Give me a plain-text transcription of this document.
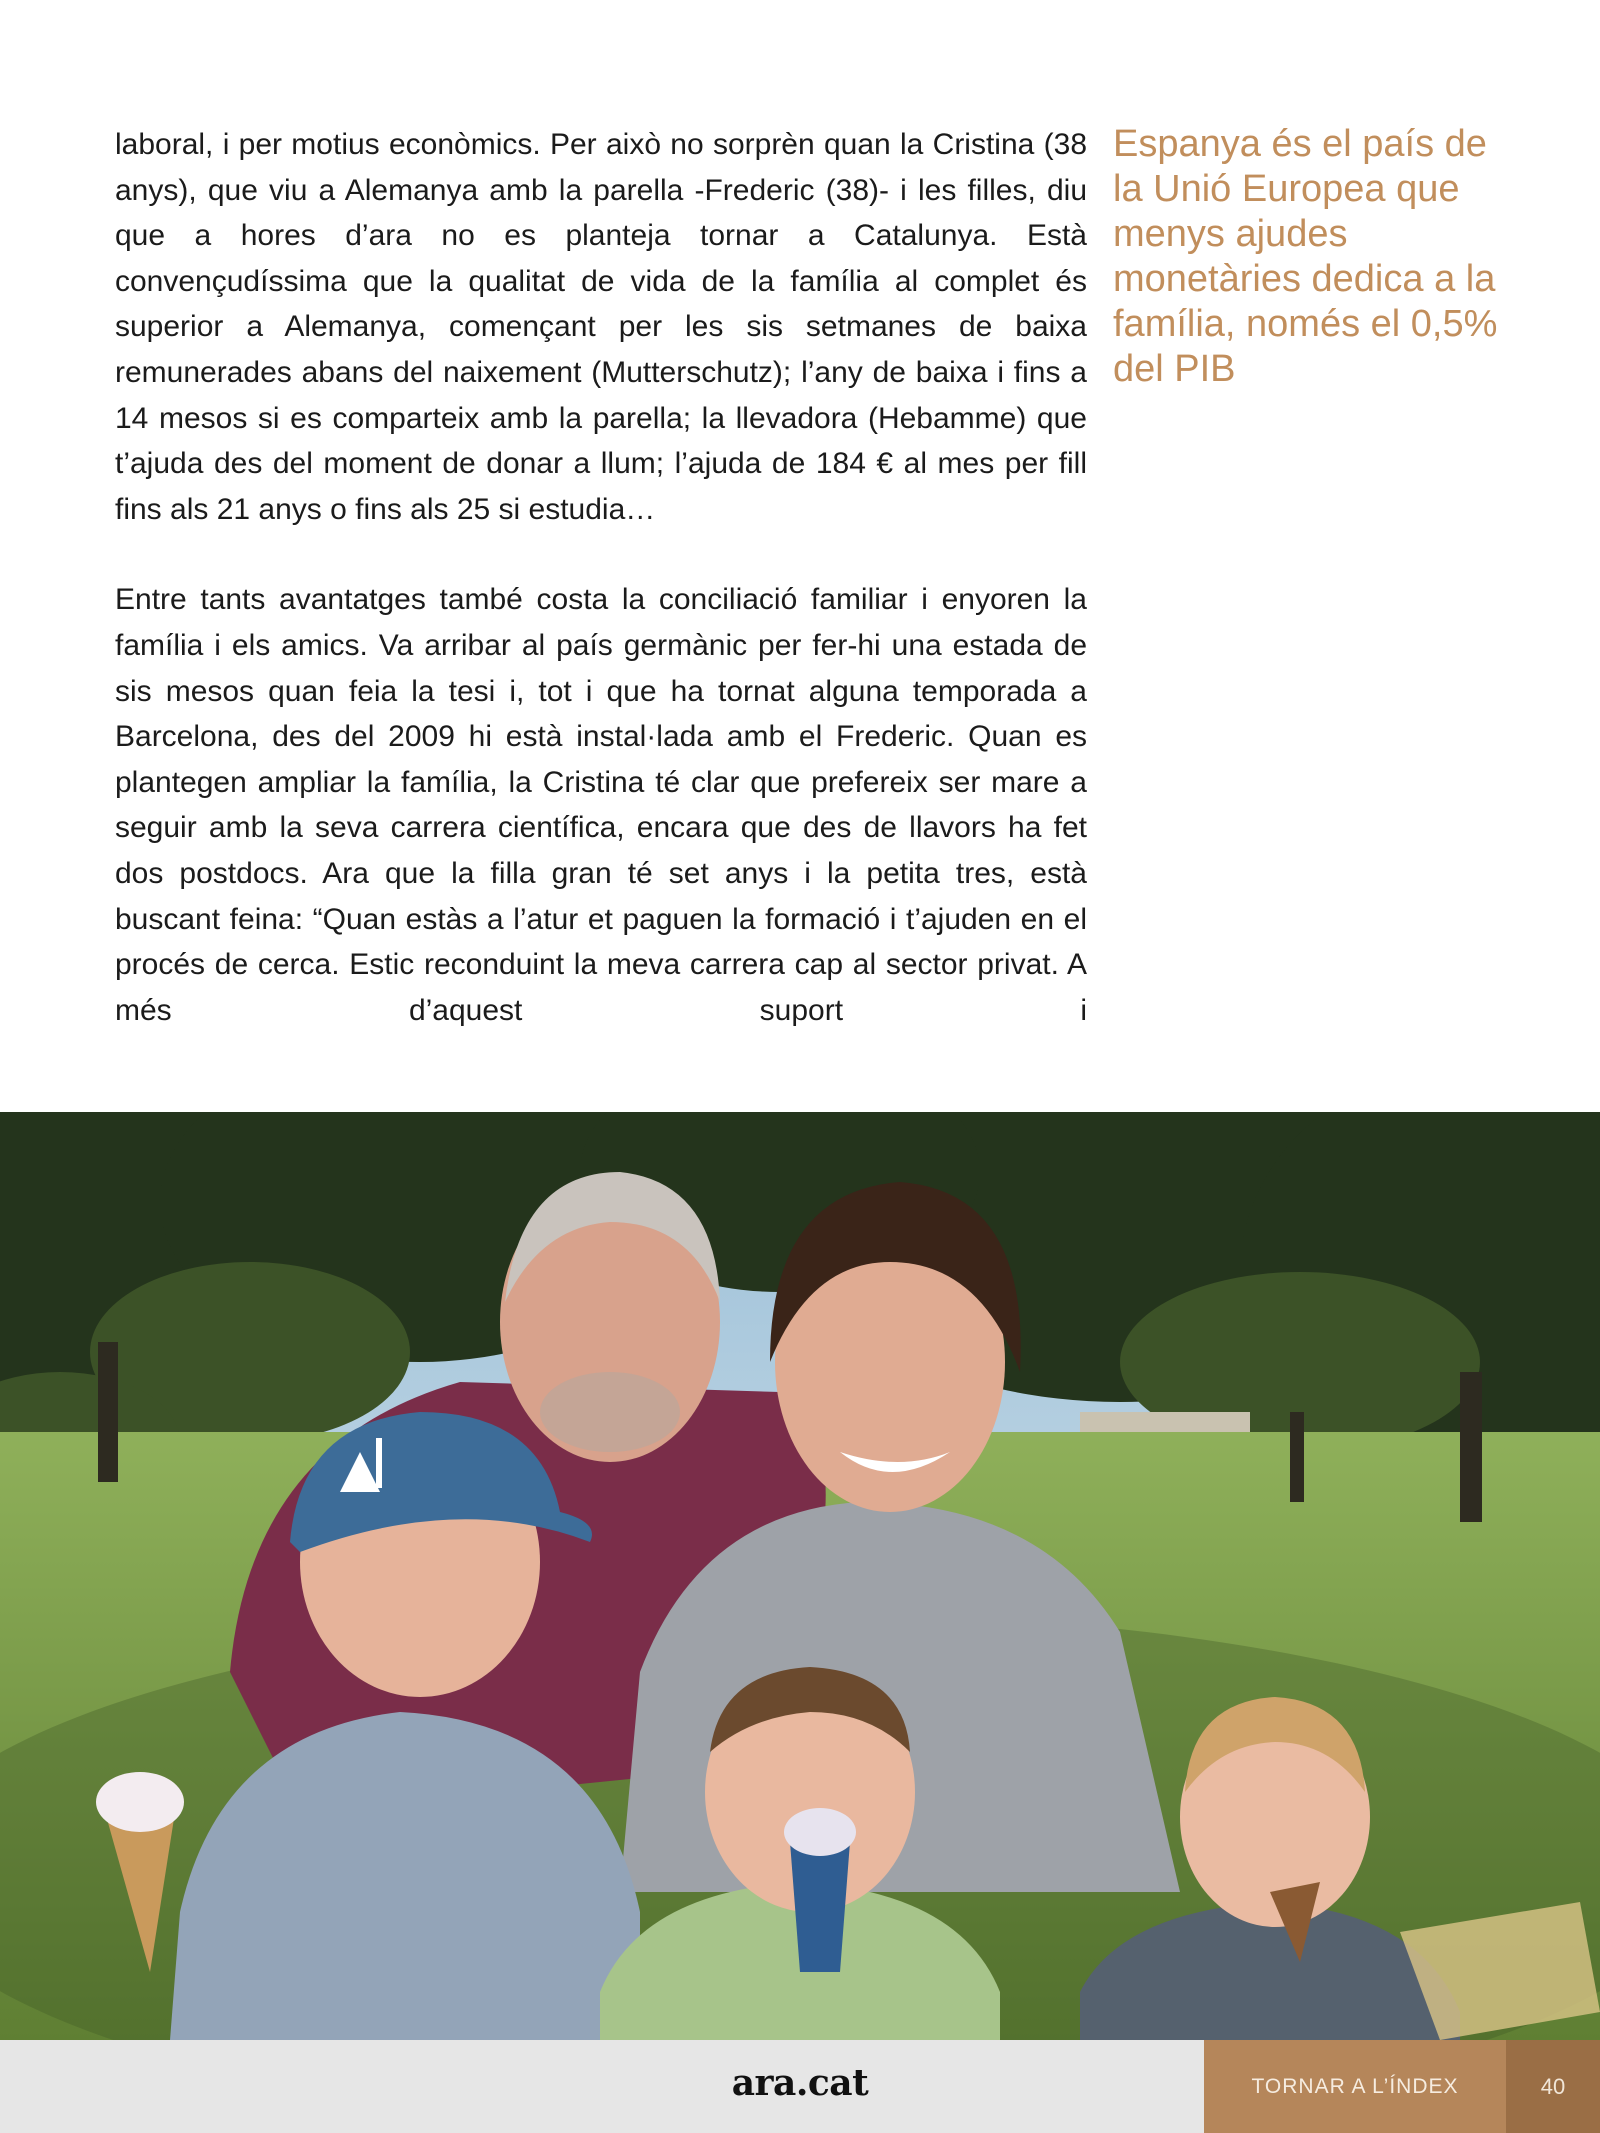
laboral, i per motius econòmics. Per això no sorprèn quan la Cristina (38 anys), que viu a Alemanya amb la parella -Frederic (38)- i les filles, diu que a hores d’ara no es planteja tornar a Catalunya. Està convençudíssima que la qualitat de vida de la família al complet és superior a Alemanya, començant per les sis setmanes de baixa remunerades abans del naixement (Mutterschutz); l’any de baixa i fins a 14 mesos si es comparteix amb la parella; la llevadora (Hebamme) que t’ajuda des del moment de donar a llum; l’ajuda de 184 € al mes per fill fins als 21 anys o fins als 25 si estudia…

Entre tants avantatges també costa la conciliació familiar i enyoren la família i els amics. Va arribar al país germànic per fer-hi una estada de sis mesos quan feia la tesi i, tot i que ha tornat alguna temporada a Barcelona, des del 2009 hi està instal·lada amb el Frederic. Quan es plantegen ampliar la família, la Cristina té clar que prefereix ser mare a seguir amb la seva carrera científica, encara que des de llavors ha fet dos postdocs. Ara que la filla gran té set anys i la petita tres, està buscant feina: “Quan estàs a l’atur et paguen la formació i t’ajuden en el procés de cerca. Estic reconduint la meva carrera cap al sector privat. A més d’aquest suport i

Espanya és el país de la Unió Europea que menys ajudes monetàries dedica a la família, només el 0,5% del PIB
ara.cat	TORNAR A L’ÍNDEX	40
